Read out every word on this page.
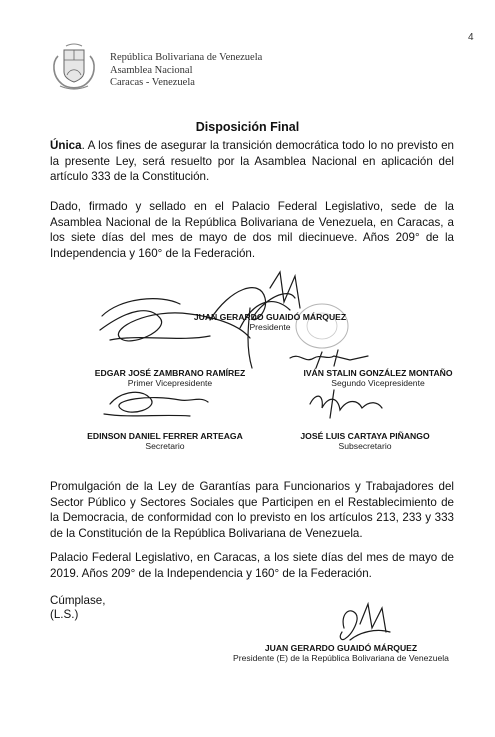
4
República Bolivariana de Venezuela
Asamblea Nacional
Caracas - Venezuela
Disposición Final
Única. A los fines de asegurar la transición democrática todo lo no previsto en la presente Ley, será resuelto por la Asamblea Nacional en aplicación del artículo 333 de la Constitución.
Dado, firmado y sellado en el Palacio Federal Legislativo, sede de la Asamblea Nacional de la República Bolivariana de Venezuela, en Caracas, a los siete días del mes de mayo de dos mil diecinueve. Años 209° de la Independencia y 160° de la Federación.
JUAN GERARDO GUAIDÓ MÁRQUEZ
Presidente
EDGAR JOSÉ ZAMBRANO RAMÍREZ
Primer Vicepresidente
IVÁN STALIN GONZÁLEZ MONTAÑO
Segundo Vicepresidente
EDINSON DANIEL FERRER ARTEAGA
Secretario
JOSÉ LUIS CARTAYA PIÑANGO
Subsecretario
Promulgación de la Ley de Garantías para Funcionarios y Trabajadores del Sector Público y Sectores Sociales que Participen en el Restablecimiento de la Democracia, de conformidad con lo previsto en los artículos 213, 233 y 333 de la Constitución de la República Bolivariana de Venezuela.
Palacio Federal Legislativo, en Caracas, a los siete días del mes de mayo de 2019. Años 209° de la Independencia y 160° de la Federación.
Cúmplase,
(L.S.)
JUAN GERARDO GUAIDÓ MÁRQUEZ
Presidente (E) de la República Bolivariana de Venezuela
